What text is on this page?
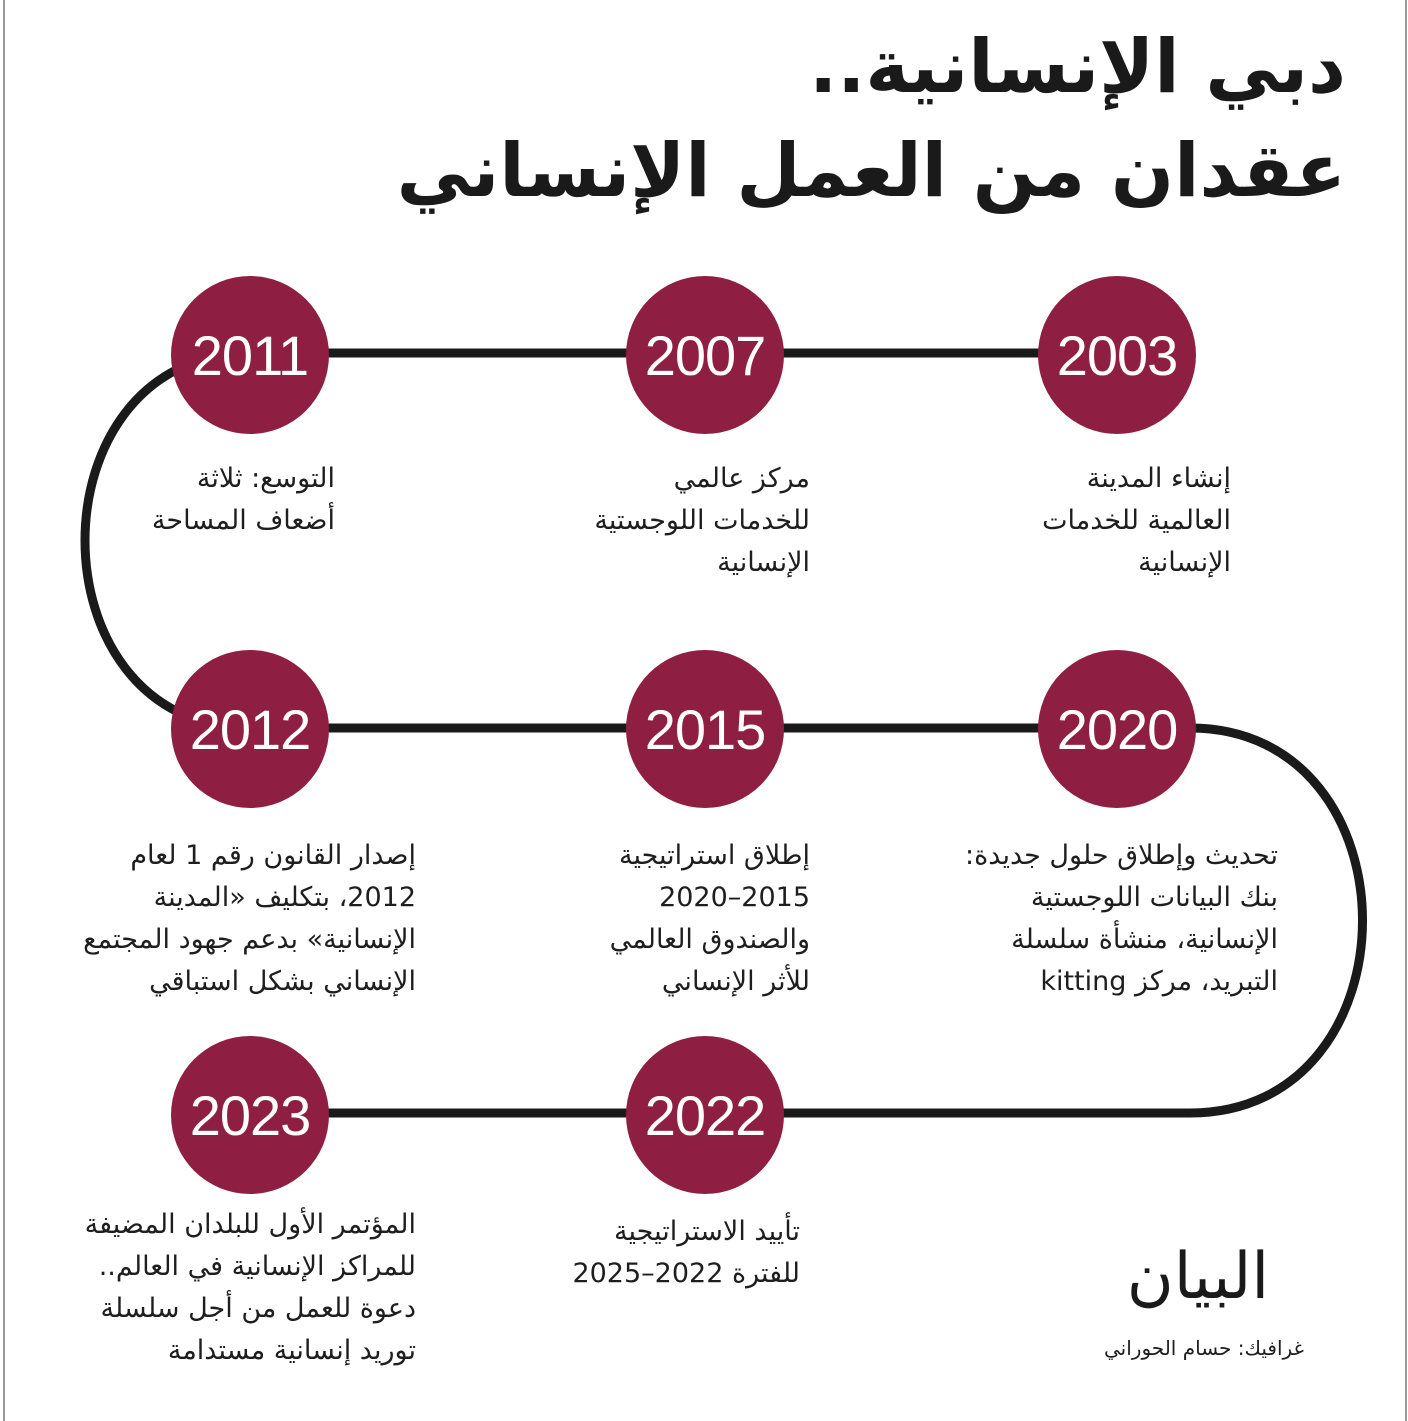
دبي الإنسانية..
عقدان من العمل الإنساني
2003
2007
2011
2012	2015	2020
2022
2023
إنشاء المدينة
العالمية للخدمات
الإنسانية
مركز عالمي
للخدمات اللوجستية
الإنسانية
التوسع: ثلاثة
أضعاف المساحة
إصدار القانون رقم 1 لعام
2012، بتكليف «المدينة
الإنسانية» بدعم جهود المجتمع
الإنساني بشكل استباقي
إطلاق استراتيجية
2015–2020
والصندوق العالمي
للأثر الإنساني
تحديث وإطلاق حلول جديدة:
بنك البيانات اللوجستية
الإنسانية، منشأة سلسلة
التبريد، مركز kitting
تأييد الاستراتيجية
للفترة 2022–2025
المؤتمر الأول للبلدان المضيفة
للمراكز الإنسانية في العالم..
دعوة للعمل من أجل سلسلة
توريد إنسانية مستدامة
البيان
غرافيك: حسام الحوراني
